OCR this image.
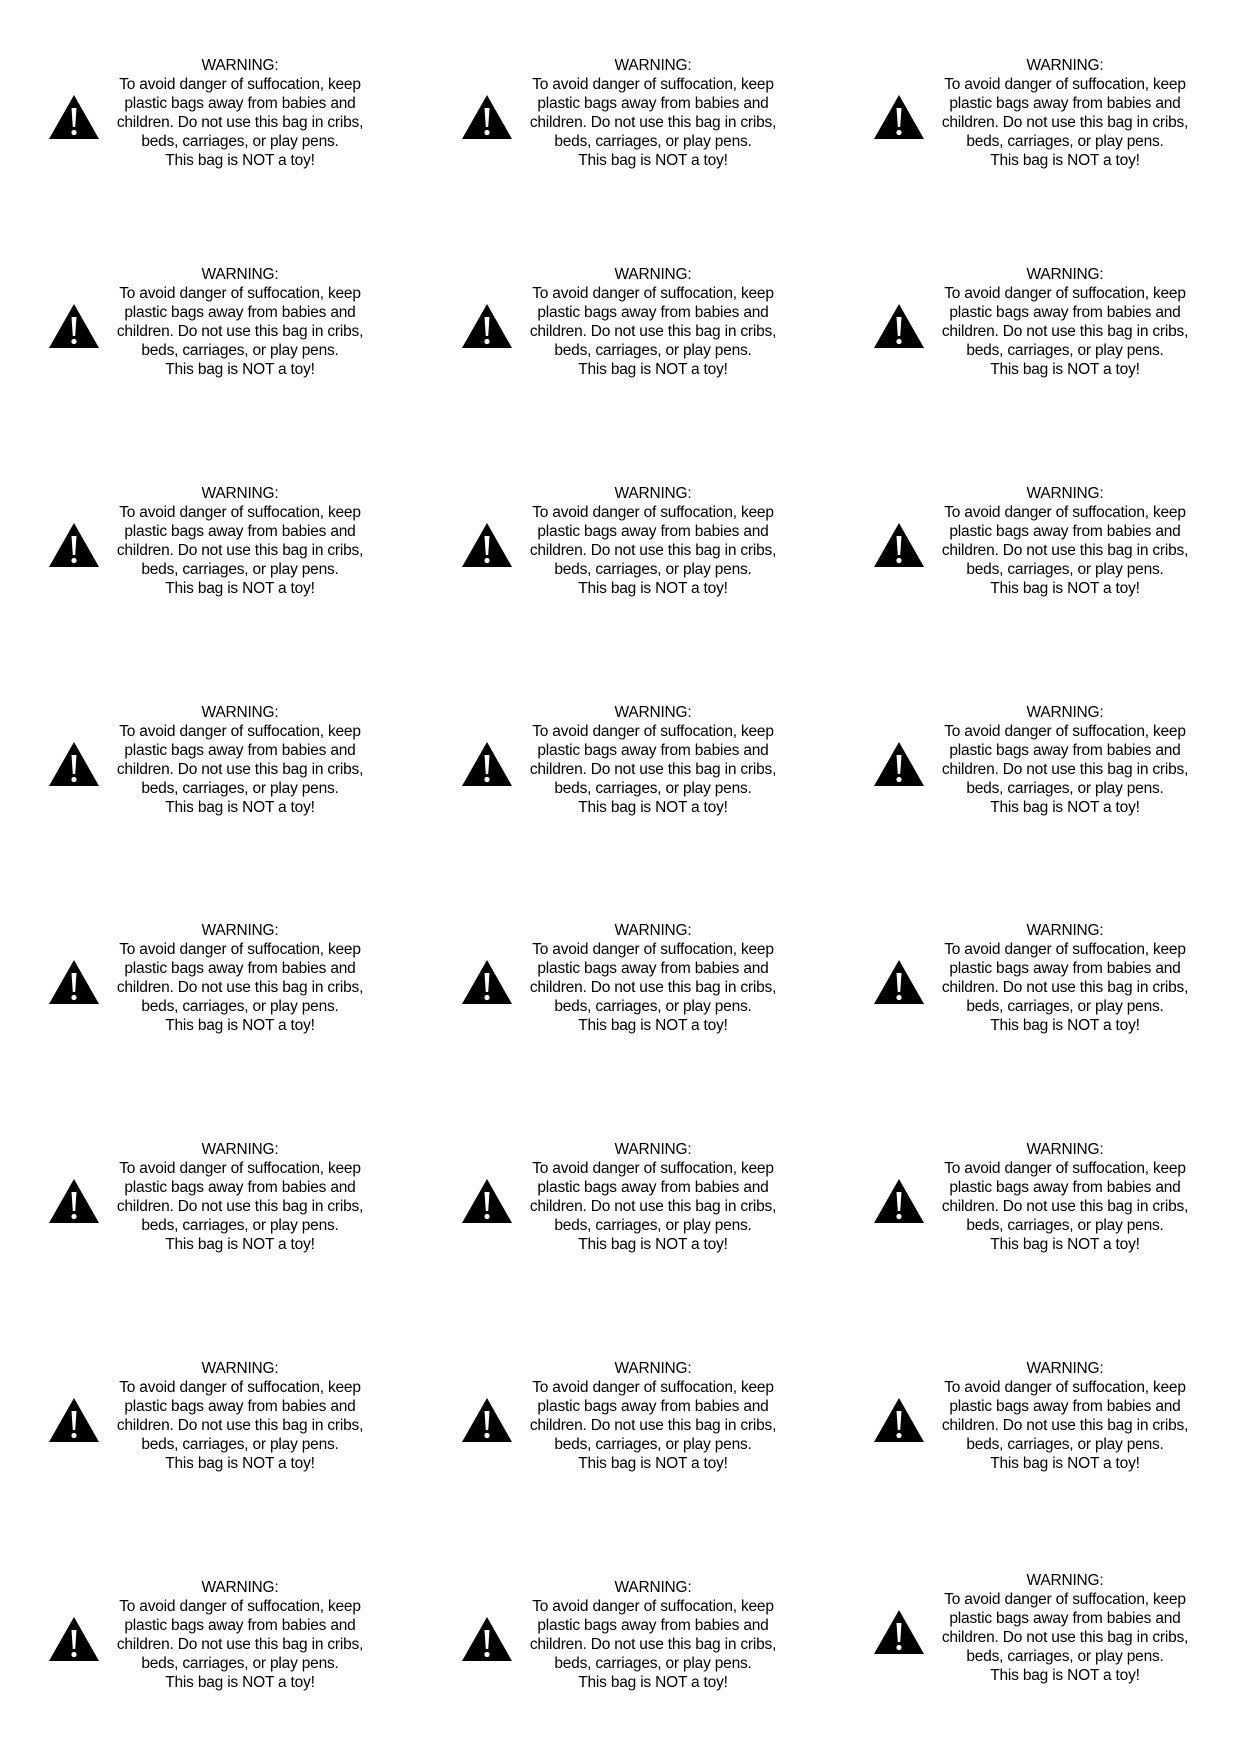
WARNING:
To avoid danger of suffocation, keep
plastic bags away from babies and
children. Do not use this bag in cribs,
beds, carriages, or play pens.
This bag is NOT a toy!
WARNING:
To avoid danger of suffocation, keep
plastic bags away from babies and
children. Do not use this bag in cribs,
beds, carriages, or play pens.
This bag is NOT a toy!
WARNING:
To avoid danger of suffocation, keep
plastic bags away from babies and
children. Do not use this bag in cribs,
beds, carriages, or play pens.
This bag is NOT a toy!
WARNING:
To avoid danger of suffocation, keep
plastic bags away from babies and
children. Do not use this bag in cribs,
beds, carriages, or play pens.
This bag is NOT a toy!
WARNING:
To avoid danger of suffocation, keep
plastic bags away from babies and
children. Do not use this bag in cribs,
beds, carriages, or play pens.
This bag is NOT a toy!
WARNING:
To avoid danger of suffocation, keep
plastic bags away from babies and
children. Do not use this bag in cribs,
beds, carriages, or play pens.
This bag is NOT a toy!
WARNING:
To avoid danger of suffocation, keep
plastic bags away from babies and
children. Do not use this bag in cribs,
beds, carriages, or play pens.
This bag is NOT a toy!
WARNING:
To avoid danger of suffocation, keep
plastic bags away from babies and
children. Do not use this bag in cribs,
beds, carriages, or play pens.
This bag is NOT a toy!
WARNING:
To avoid danger of suffocation, keep
plastic bags away from babies and
children. Do not use this bag in cribs,
beds, carriages, or play pens.
This bag is NOT a toy!
WARNING:
To avoid danger of suffocation, keep
plastic bags away from babies and
children. Do not use this bag in cribs,
beds, carriages, or play pens.
This bag is NOT a toy!
WARNING:
To avoid danger of suffocation, keep
plastic bags away from babies and
children. Do not use this bag in cribs,
beds, carriages, or play pens.
This bag is NOT a toy!
WARNING:
To avoid danger of suffocation, keep
plastic bags away from babies and
children. Do not use this bag in cribs,
beds, carriages, or play pens.
This bag is NOT a toy!
WARNING:
To avoid danger of suffocation, keep
plastic bags away from babies and
children. Do not use this bag in cribs,
beds, carriages, or play pens.
This bag is NOT a toy!
WARNING:
To avoid danger of suffocation, keep
plastic bags away from babies and
children. Do not use this bag in cribs,
beds, carriages, or play pens.
This bag is NOT a toy!
WARNING:
To avoid danger of suffocation, keep
plastic bags away from babies and
children. Do not use this bag in cribs,
beds, carriages, or play pens.
This bag is NOT a toy!
WARNING:
To avoid danger of suffocation, keep
plastic bags away from babies and
children. Do not use this bag in cribs,
beds, carriages, or play pens.
This bag is NOT a toy!
WARNING:
To avoid danger of suffocation, keep
plastic bags away from babies and
children. Do not use this bag in cribs,
beds, carriages, or play pens.
This bag is NOT a toy!
WARNING:
To avoid danger of suffocation, keep
plastic bags away from babies and
children. Do not use this bag in cribs,
beds, carriages, or play pens.
This bag is NOT a toy!
WARNING:
To avoid danger of suffocation, keep
plastic bags away from babies and
children. Do not use this bag in cribs,
beds, carriages, or play pens.
This bag is NOT a toy!
WARNING:
To avoid danger of suffocation, keep
plastic bags away from babies and
children. Do not use this bag in cribs,
beds, carriages, or play pens.
This bag is NOT a toy!
WARNING:
To avoid danger of suffocation, keep
plastic bags away from babies and
children. Do not use this bag in cribs,
beds, carriages, or play pens.
This bag is NOT a toy!
WARNING:
To avoid danger of suffocation, keep
plastic bags away from babies and
children. Do not use this bag in cribs,
beds, carriages, or play pens.
This bag is NOT a toy!
WARNING:
To avoid danger of suffocation, keep
plastic bags away from babies and
children. Do not use this bag in cribs,
beds, carriages, or play pens.
This bag is NOT a toy!
WARNING:
To avoid danger of suffocation, keep
plastic bags away from babies and
children. Do not use this bag in cribs,
beds, carriages, or play pens.
This bag is NOT a toy!
